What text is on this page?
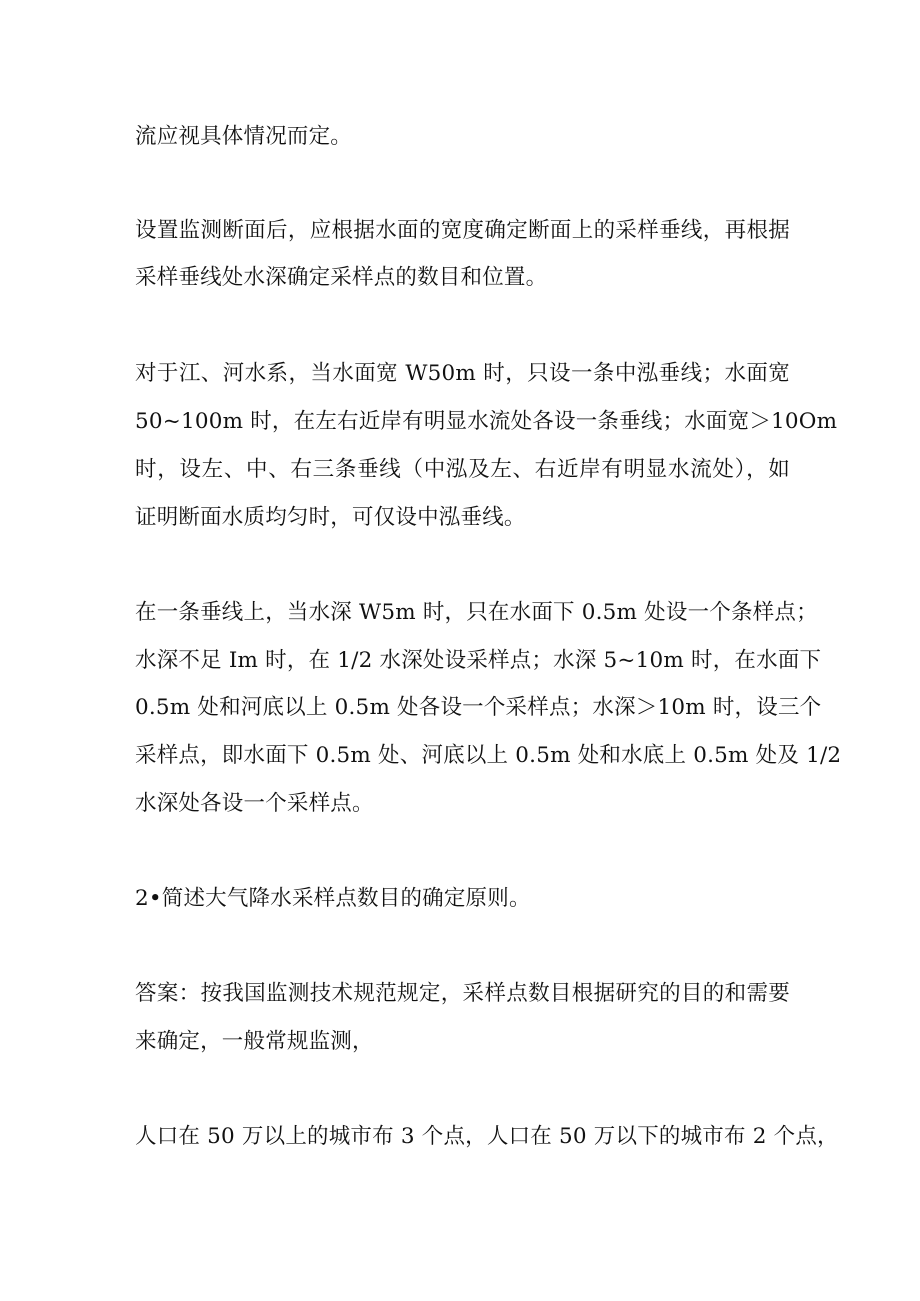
流应视具体情况而定。
设置监测断面后，应根据水面的宽度确定断面上的采样垂线，再根据
采样垂线处水深确定采样点的数目和位置。
对于江、河水系，当水面宽 W50m 时，只设一条中泓垂线；水面宽
50~100m 时，在左右近岸有明显水流处各设一条垂线；水面宽＞10Om
时，设左、中、右三条垂线（中泓及左、右近岸有明显水流处），如
证明断面水质均匀时，可仅设中泓垂线。
在一条垂线上，当水深 W5m 时，只在水面下 0.5m 处设一个条样点；
水深不足 Im 时，在 1/2 水深处设采样点；水深 5~10m 时，在水面下
0.5m 处和河底以上 0.5m 处各设一个采样点；水深＞10m 时，设三个
采样点，即水面下 0.5m 处、河底以上 0.5m 处和水底上 0.5m 处及 1/2
水深处各设一个采样点。
2•简述大气降水采样点数目的确定原则。
答案：按我国监测技术规范规定，采样点数目根据研究的目的和需要
来确定，一般常规监测，
人口在 50 万以上的城市布 3 个点，人口在 50 万以下的城市布 2 个点，
